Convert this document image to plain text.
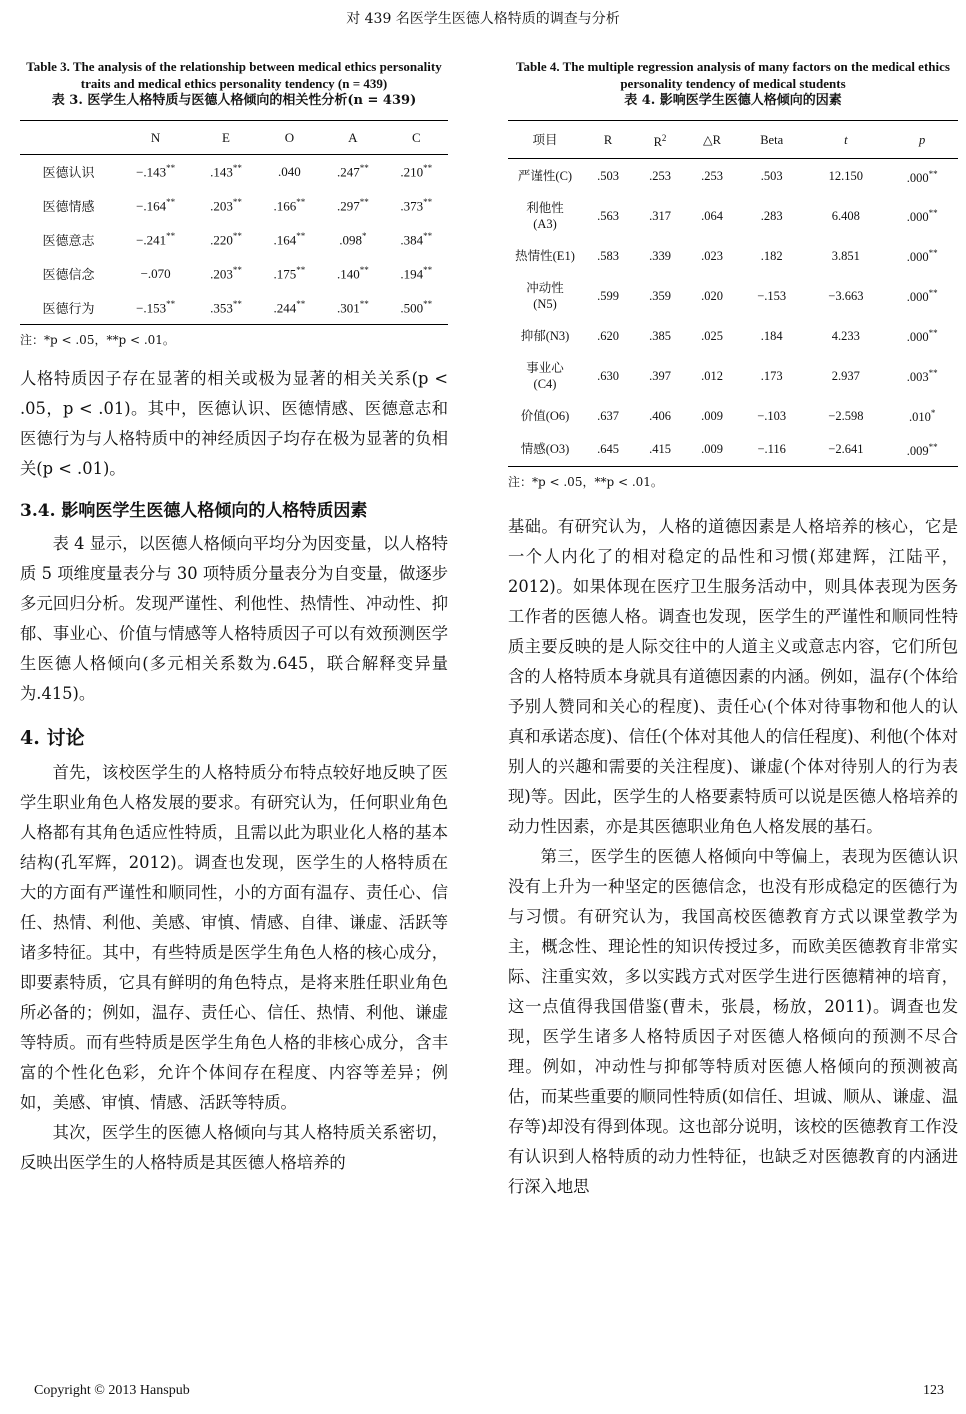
对 439 名医学生医德人格特质的调查与分析
Table 3. The analysis of the relationship between medical ethics personality traits and medical ethics personality tendency (n = 439)
表 3. 医学生人格特质与医德人格倾向的相关性分析(n = 439)
	N	E	O	A	C
医德认识	−.143**	.143**	.040	.247**	.210**
医德情感	−.164**	.203**	.166**	.297**	.373**
医德意志	−.241**	.220**	.164**	.098*	.384**
医德信念	−.070	.203**	.175**	.140**	.194**
医德行为	−.153**	.353**	.244**	.301**	.500**
注：*p < .05，**p < .01。

人格特质因子存在显著的相关或极为显著的相关关系(p < .05，p < .01)。其中，医德认识、医德情感、医德意志和医德行为与人格特质中的神经质因子均存在极为显著的负相关(p < .01)。

3.4. 影响医学生医德人格倾向的人格特质因素

表 4 显示，以医德人格倾向平均分为因变量，以人格特质 5 项维度量表分与 30 项特质分量表分为自变量，做逐步多元回归分析。发现严谨性、利他性、热情性、冲动性、抑郁、事业心、价值与情感等人格特质因子可以有效预测医学生医德人格倾向(多元相关系数为.645，联合解释变异量为.415)。

4. 讨论

首先，该校医学生的人格特质分布特点较好地反映了医学生职业角色人格发展的要求。有研究认为，任何职业角色人格都有其角色适应性特质，且需以此为职业化人格的基本结构(孔军辉，2012)。调查也发现，医学生的人格特质在大的方面有严谨性和顺同性，小的方面有温存、责任心、信任、热情、利他、美感、审慎、情感、自律、谦虚、活跃等诸多特征。其中，有些特质是医学生角色人格的核心成分，即要素特质，它具有鲜明的角色特点，是将来胜任职业角色所必备的；例如，温存、责任心、信任、热情、利他、谦虚等特质。而有些特质是医学生角色人格的非核心成分，含丰富的个性化色彩，允许个体间存在程度、内容等差异；例如，美感、审慎、情感、活跃等特质。

其次，医学生的医德人格倾向与其人格特质关系密切，反映出医学生的人格特质是其医德人格培养的

Table 4. The multiple regression analysis of many factors on the medical ethics personality tendency of medical students
表 4. 影响医学生医德人格倾向的因素
项目	R	$R^2$	△R	Beta	t	p
严谨性(C)	.503	.253	.253	.503	12.150	.000**
利他性
(A3)	.563	.317	.064	.283	6.408	.000**
热情性(E1)	.583	.339	.023	.182	3.851	.000**
冲动性
(N5)	.599	.359	.020	−.153	−3.663	.000**
抑郁(N3)	.620	.385	.025	.184	4.233	.000**
事业心
(C4)	.630	.397	.012	.173	2.937	.003**
价值(O6)	.637	.406	.009	−.103	−2.598	.010*
情感(O3)	.645	.415	.009	−.116	−2.641	.009**
注：*p < .05，**p < .01。

基础。有研究认为，人格的道德因素是人格培养的核心，它是一个人内化了的相对稳定的品性和习惯(郑建辉，江陆平，2012)。如果体现在医疗卫生服务活动中，则具体表现为医务工作者的医德人格。调查也发现，医学生的严谨性和顺同性特质主要反映的是人际交往中的人道主义或意志内容，它们所包含的人格特质本身就具有道德因素的内涵。例如，温存(个体给予别人赞同和关心的程度)、责任心(个体对待事物和他人的认真和承诺态度)、信任(个体对其他人的信任程度)、利他(个体对别人的兴趣和需要的关注程度)、谦虚(个体对待别人的行为表现)等。因此，医学生的人格要素特质可以说是医德人格培养的动力性因素，亦是其医德职业角色人格发展的基石。

第三，医学生的医德人格倾向中等偏上，表现为医德认识没有上升为一种坚定的医德信念，也没有形成稳定的医德行为与习惯。有研究认为，我国高校医德教育方式以课堂教学为主，概念性、理论性的知识传授过多，而欧美医德教育非常实际、注重实效，多以实践方式对医学生进行医德精神的培育，这一点值得我国借鉴(曹未，张晨，杨放，2011)。调查也发现，医学生诸多人格特质因子对医德人格倾向的预测不尽合理。例如，冲动性与抑郁等特质对医德人格倾向的预测被高估，而某些重要的顺同性特质(如信任、坦诚、顺从、谦虚、温存等)却没有得到体现。这也部分说明，该校的医德教育工作没有认识到人格特质的动力性特征，也缺乏对医德教育的内涵进行深入地思

Copyright © 2013 Hanspub	123
